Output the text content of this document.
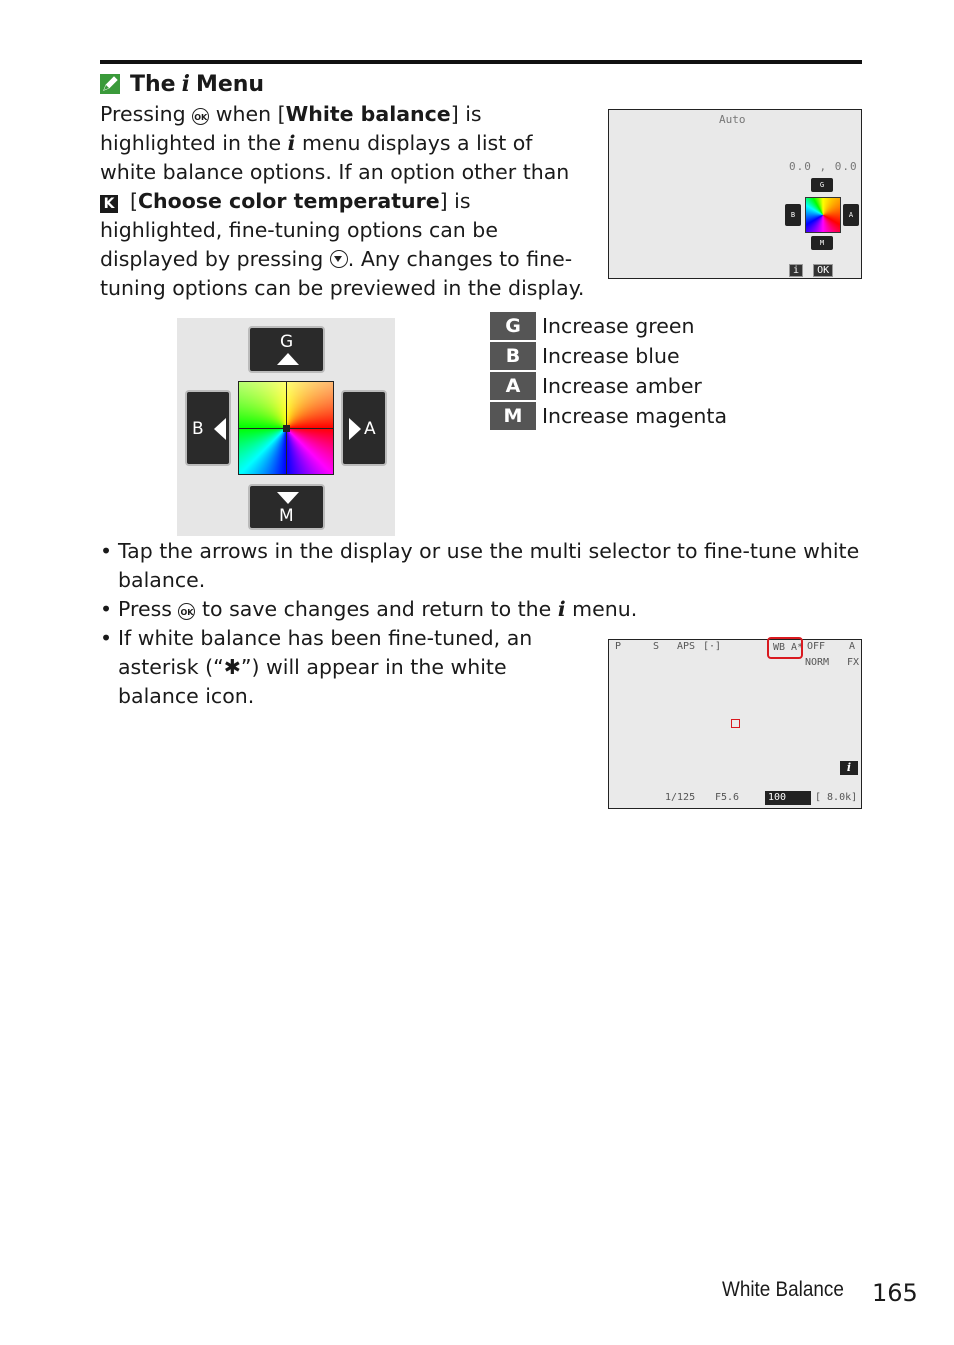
The i Menu
Pressing OK when [White balance] is highlighted in the i menu displays a list of white balance options. If an option other than K [Choose color temperature] is highlighted, fine-tuning options can be displayed by pressing . Any changes to fine-tuning options can be previewed in the display.
Auto
0.0 , 0.0
G
B	A
M
i OK
G
B	A
M
G	Increase green
B	Increase blue
A	Increase amber
M Increase magenta
• Tap the arrows in the display or use the multi selector to fine-tune white balance.
• Press OK to save changes and return to the i menu.
• If white balance has been fine-tuned, an asterisk (“✱”) will appear in the white balance icon.
P	S APS [·]	WB A* OFF A
NORM FX
i
1/125 F5.6	100	[ 8.0k]
White Balance 165
